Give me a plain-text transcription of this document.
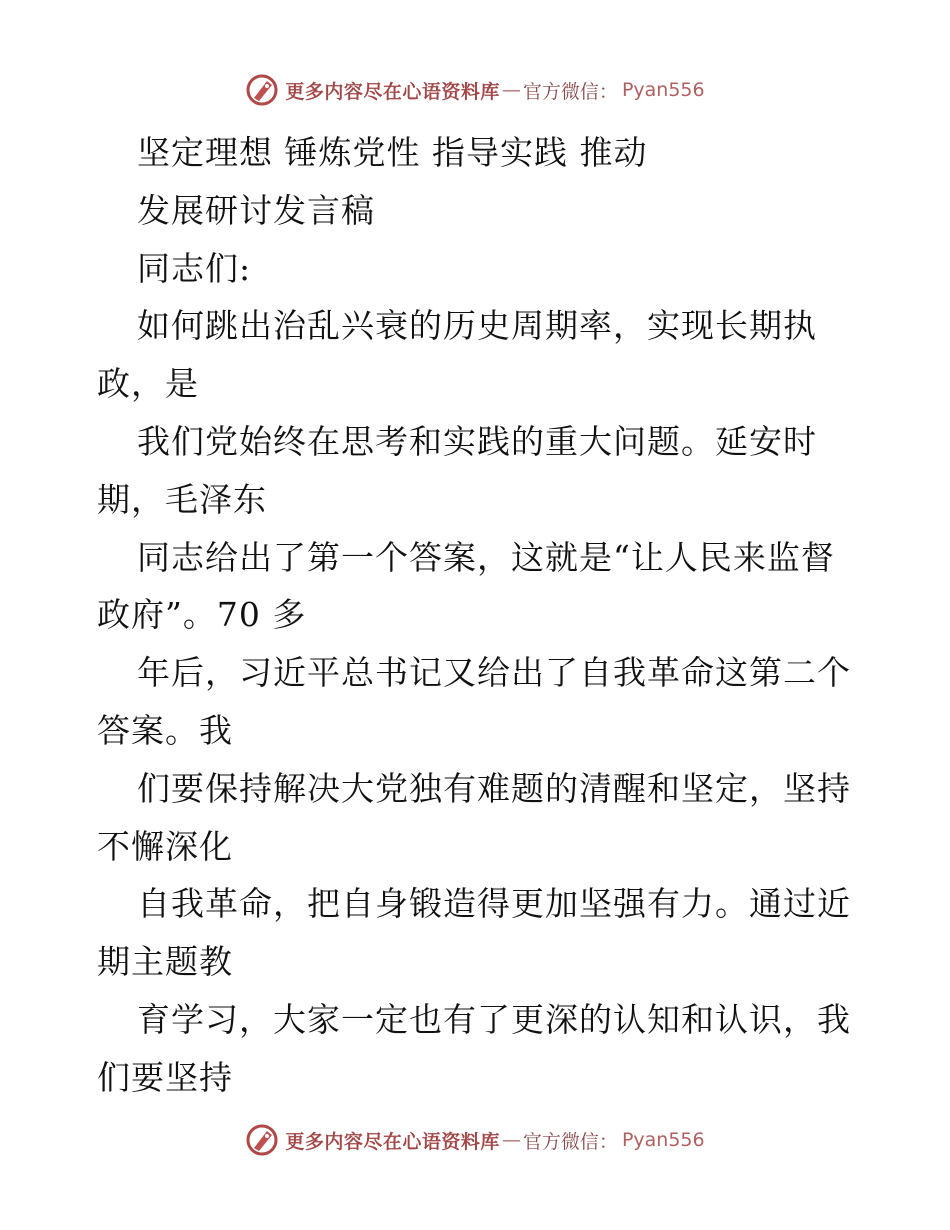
更多内容尽在心语资料库 — 官方微信： Pyan556
坚定理想 锤炼党性 指导实践 推动
发展研讨发言稿
同志们:
如何跳出治乱兴衰的历史周期率，实现长期执
政，是
我们党始终在思考和实践的重大问题。延安时
期，毛泽东
同志给出了第一个答案，这就是“让人民来监督
政府”。70 多
年后，习近平总书记又给出了自我革命这第二个
答案。我
们要保持解决大党独有难题的清醒和坚定，坚持
不懈深化
自我革命，把自身锻造得更加坚强有力。通过近
期主题教
育学习，大家一定也有了更深的认知和认识，我
们要坚持
更多内容尽在心语资料库 — 官方微信： Pyan556
